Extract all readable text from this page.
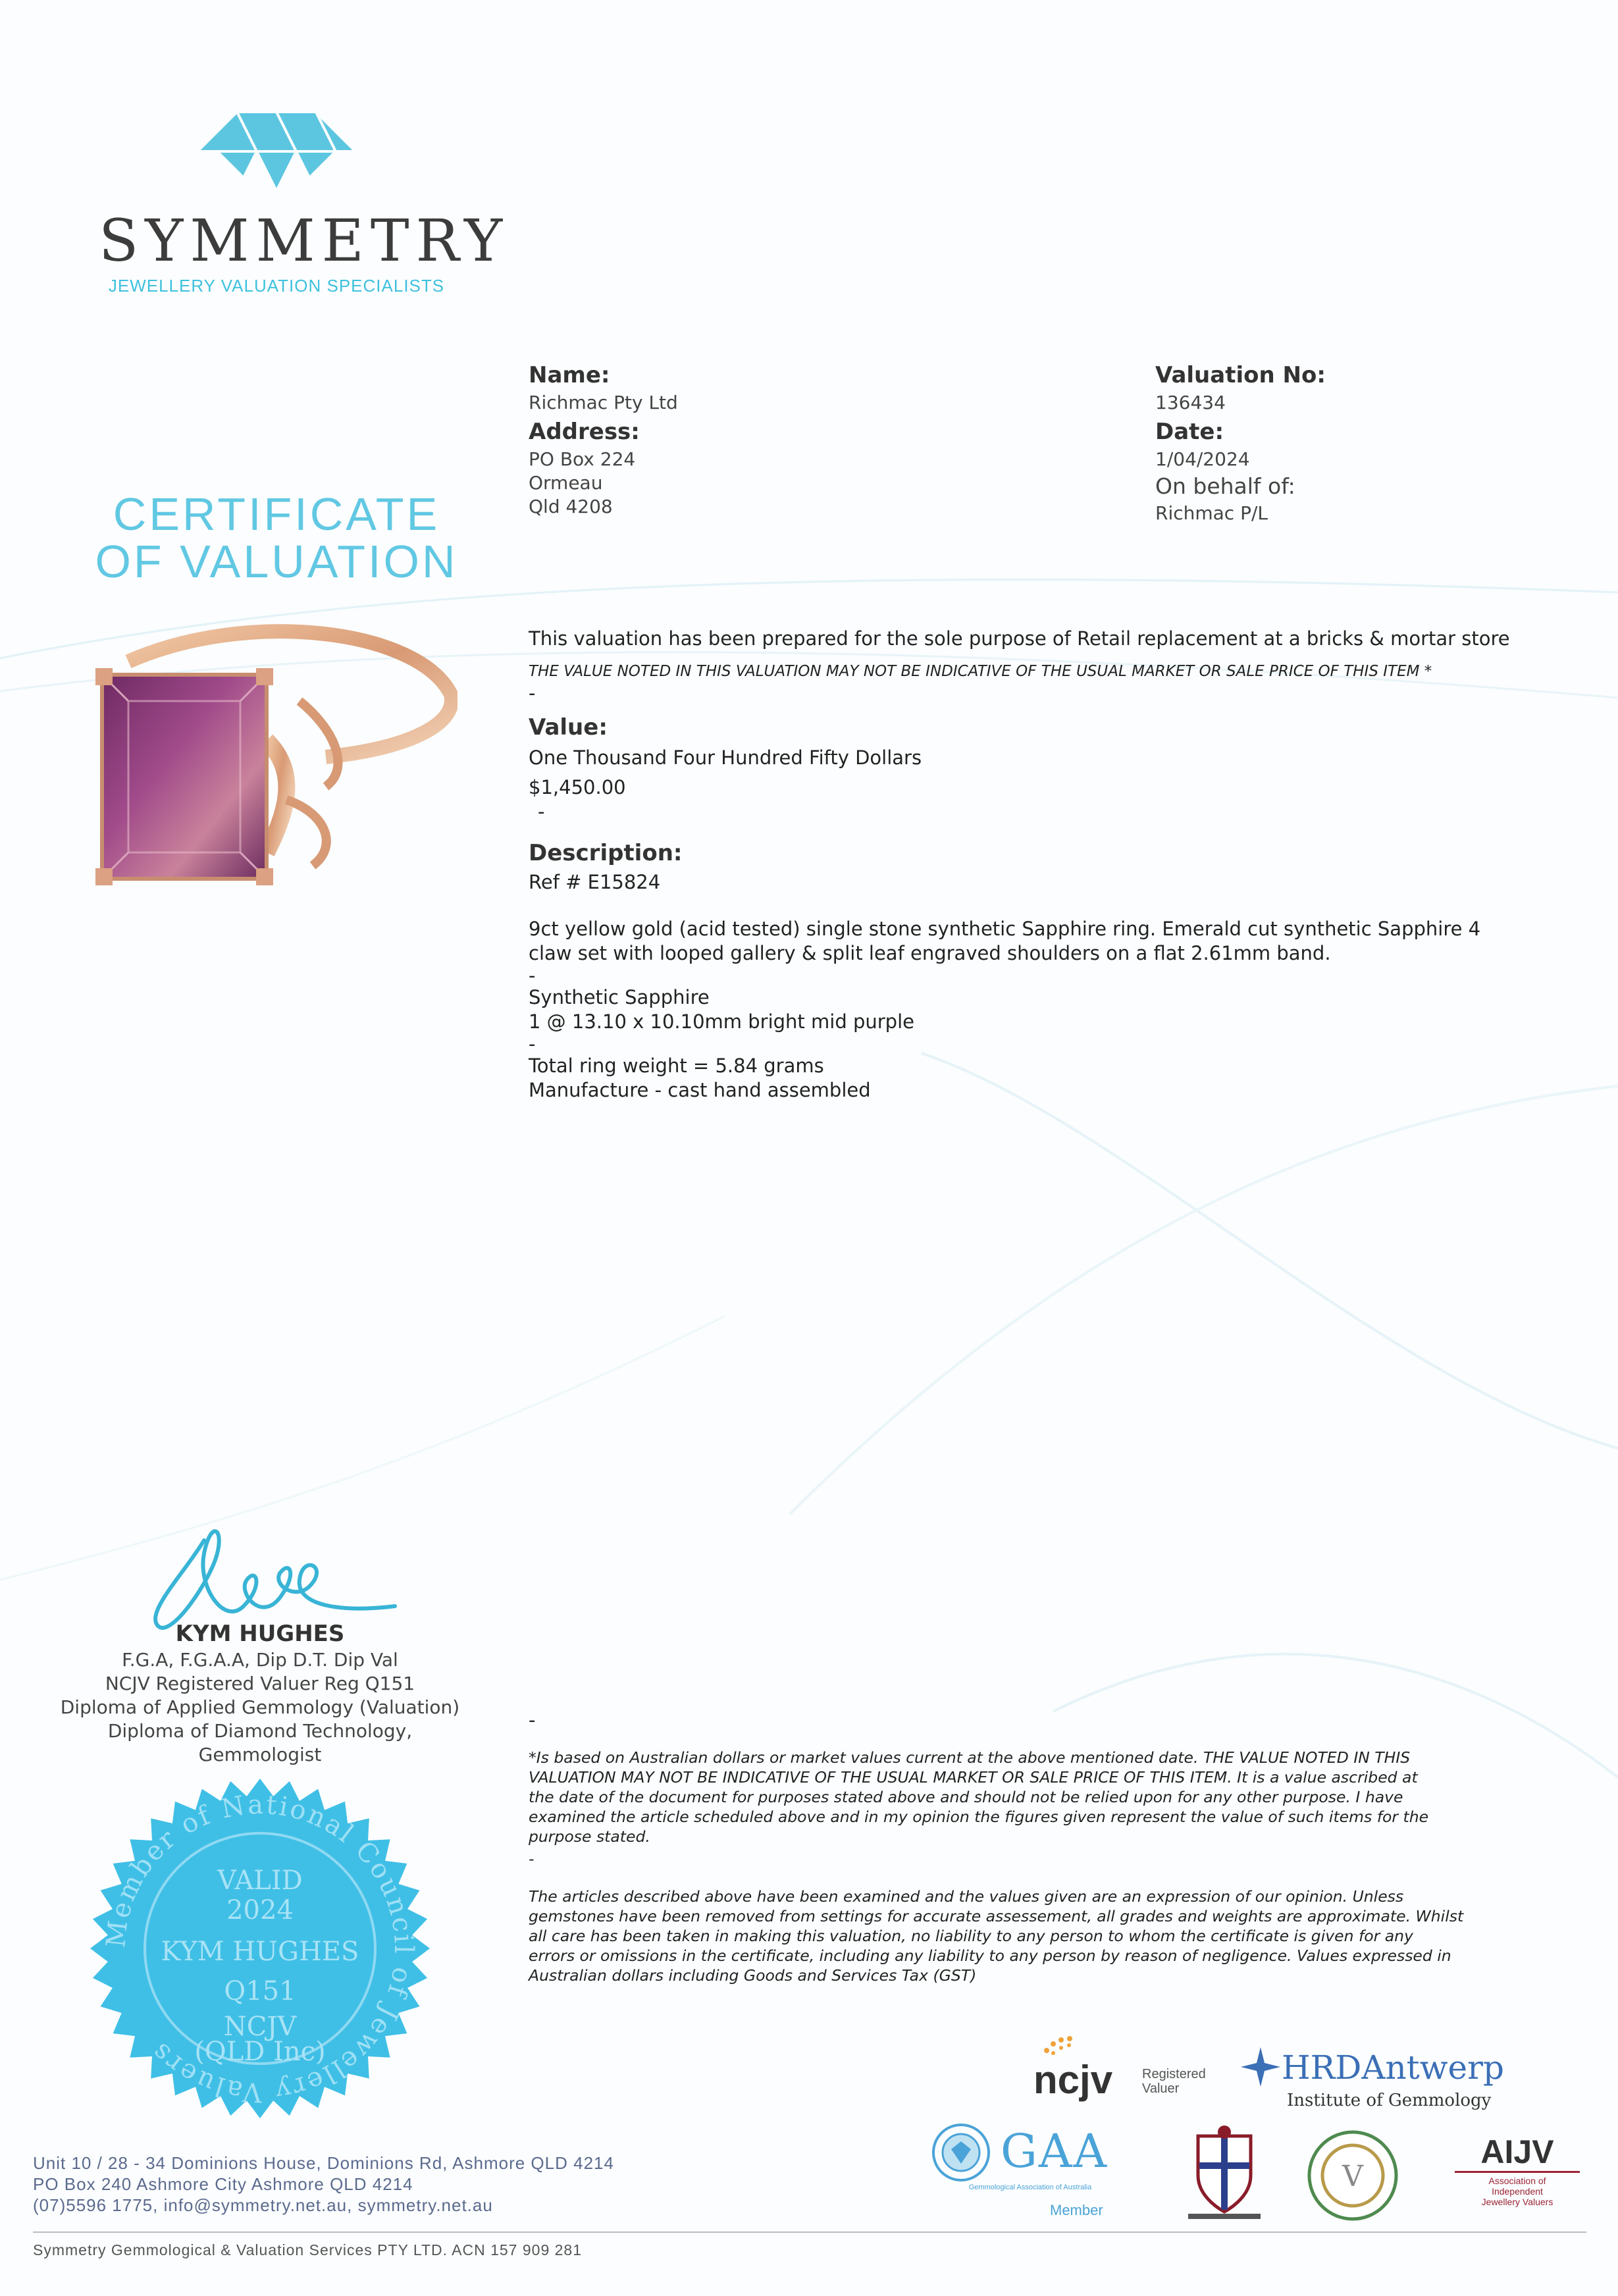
SYMMETRY
JEWELLERY VALUATION SPECIALISTS
CERTIFICATE
OF VALUATION
Name:
Richmac Pty Ltd
Address:
PO Box 224
Ormeau
Qld 4208
Valuation No:
136434
Date:
1/04/2024
On behalf of:
Richmac P/L
This valuation has been prepared for the sole purpose of Retail replacement at a bricks & mortar store
THE VALUE NOTED IN THIS VALUATION MAY NOT BE INDICATIVE OF THE USUAL MARKET OR SALE PRICE OF THIS ITEM *
-
Value:
One Thousand Four Hundred Fifty Dollars
$1,450.00
-
Description:
Ref # E15824
9ct yellow gold (acid tested) single stone synthetic Sapphire ring. Emerald cut synthetic Sapphire 4
claw set with looped gallery & split leaf engraved shoulders on a flat 2.61mm band.
-
Synthetic Sapphire
1 @ 13.10 x 10.10mm bright mid purple
-
Total ring weight = 5.84 grams
Manufacture - cast hand assembled
KYM HUGHES
F.G.A, F.G.A.A, Dip D.T. Dip Val
NCJV Registered Valuer Reg Q151
Diploma of Applied Gemmology (Valuation)
Diploma of Diamond Technology,
Gemmologist
Member of National Council of Jewellery Valuers
VALID
2024
KYM HUGHES
Q151
NCJV
(QLD Inc)
-
*Is based on Australian dollars or market values current at the above mentioned date. THE VALUE NOTED IN THIS
VALUATION MAY NOT BE INDICATIVE OF THE USUAL MARKET OR SALE PRICE OF THIS ITEM. It is a value ascribed at
the date of the document for purposes stated above and should not be relied upon for any other purpose. I have
examined the article scheduled above and in my opinion the figures given represent the value of such items for the
purpose stated.
-
The articles described above have been examined and the values given are an expression of our opinion. Unless
gemstones have been removed from settings for accurate assessement, all grades and weights are approximate. Whilst
all care has been taken in making this valuation, no liability to any person to whom the certificate is given for any
errors or omissions in the certificate, including any liability to any person by reason of negligence. Values expressed in
Australian dollars including Goods and Services Tax (GST)
ncjv Registered
Valuer
HRDAntwerp
Institute of Gemmology
GAA
Gemmological Association of Australia
Member
V
AIJV
Association of
Independent
Jewellery Valuers
Unit 10 / 28 - 34 Dominions House, Dominions Rd, Ashmore QLD 4214
PO Box 240 Ashmore City Ashmore QLD 4214
(07)5596 1775, info@symmetry.net.au, symmetry.net.au
Symmetry Gemmological & Valuation Services PTY LTD. ACN 157 909 281
